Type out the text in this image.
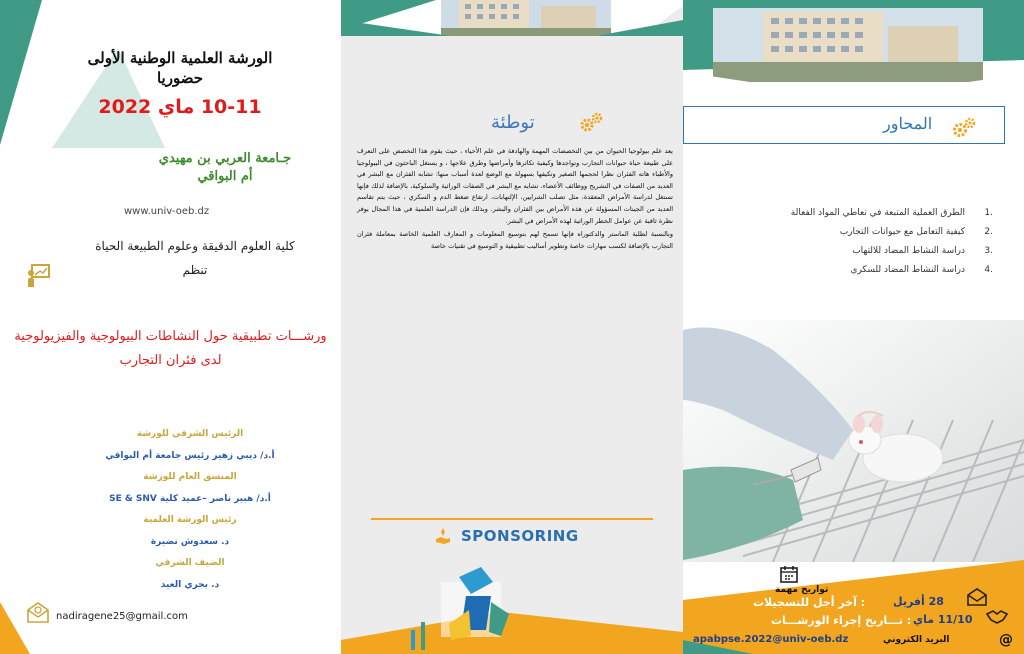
الورشة العلمية الوطنية الأولى
حضوريا
10-11 ماي 2022
جـامعة العربي بن مهيدي
أم البواقي
www.univ-oeb.dz
كلية العلوم الدقيقة وعلوم الطبيعة الحياة
تنظم
ورشـــات تطبيقية حول النشاطات البيولوجية والفيزيولوجية
لدى فئران التجارب
الرئيس الشرفي للورشة
أ.د/ ديبي زهير رئيس جامعة أم البواقي
المنسق العام للورشة
أ.د/ هبير ناصر –عميد كلية SE & SNV
رئيس الورشة العلمية
د. سعدوش نضيرة
الضيف الشرفي
د. بحري العيد
nadiragene25@gmail.com
توطئة

يعد علم بيولوجيا الحيوان من بين التخصصات المهمة والهادفة في علم الأحياء ، حيث يقوم هذا التخصص على التعرف على طبيعة حياة حيوانات التجارب وتواجدها وكيفية تكاثرها وأمراضها وطرق علاجها ، و يستغل الباحثون في البيولوجيا والأطباء هاته الفئران نظرا لحجمها الصغير وتكيفها بسهولة مع الوضع لعدة أسباب منها: تشابه الفئران مع البشر في العديد من الصفات في التشريح ووظائف الأعضاء، تشابه مع البشر في الصفات الوراثية والسلوكية، بالإضافة لذلك فإنها تستغل لدراسة الأمراض المعقدة، مثل تصلب الشرايين، الإلتهابات، ارتفاع ضغط الدم و السكري ، حيث يتم تقاسم العديد من الجينات المسؤولة عن هذه الأمراض بين الفئران والبشر. وبذلك فإن الدراسة العلمية في هذا المجال يوفر نظرة ثاقبة عن عوامل الخطر الوراثية لهذه الأمراض في البشر.

وبالنسبة لطلبة الماستر والدكتوراه فإنها تسمح لهم بتوسيع المعلومات و المعارف العلمية الخاصة بمعاملة فئران التجارب بالإضافة لكسب مهارات خاصة وتطوير أساليب تطبيقية و التوسيع في تقنيات خاصة

SPONSORING
المحاور
1.
الطرق العملية المتبعة في تعاطي المواد الفعالة
2.
كيفية التعامل مع حيوانات التجارب
3.
دراسة النشاط المضاد للالتهاب
4.
دراسة النشاط المضاد للسكري
تواريخ مهمة
: آخر أجل للتسجيلات	28 أفريل
: تـــاريخ إجراء الورشـــات 11/10 ماي
apabpse.2022@univ-oeb.dz	البريد الكتروني	@
